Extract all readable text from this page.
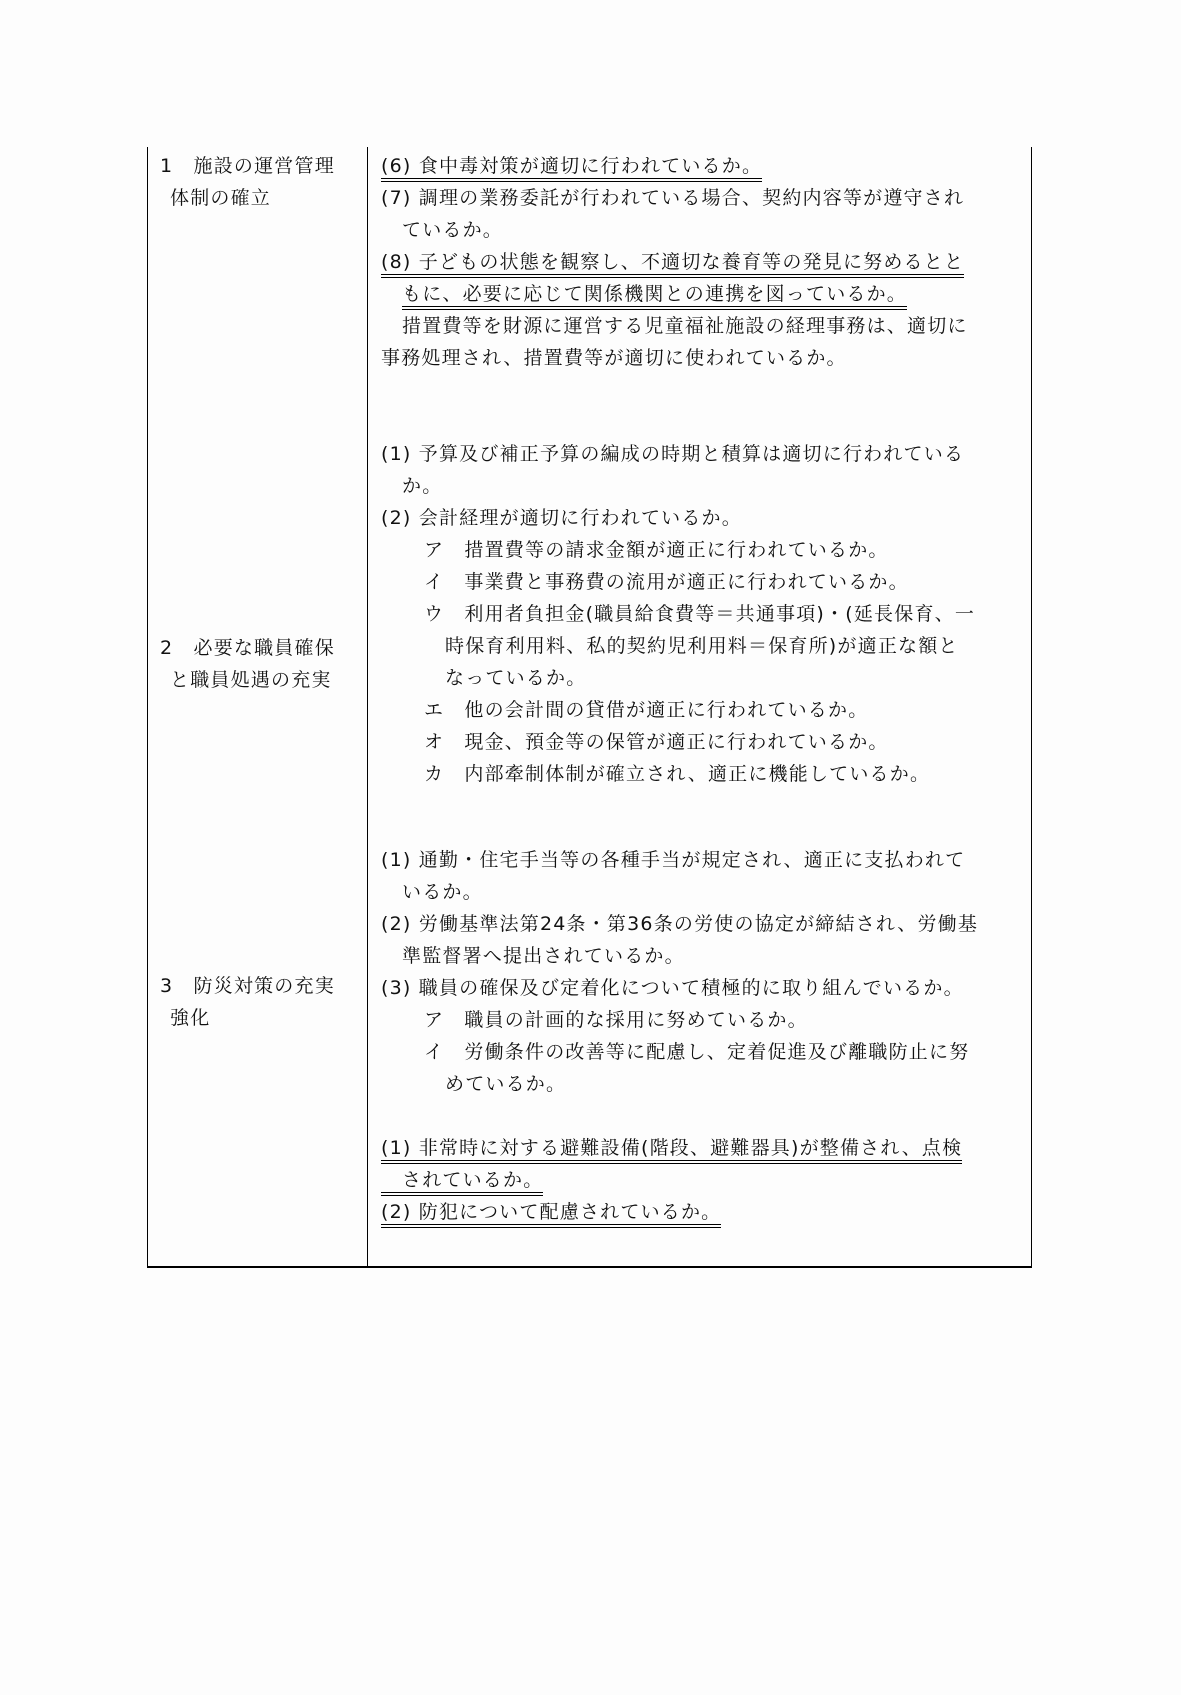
1　施設の運営管理
体制の確立
2　必要な職員確保
と職員処遇の充実
3　防災対策の充実
強化
(6) 食中毒対策が適切に行われているか。
(7) 調理の業務委託が行われている場合、契約内容等が遵守され
ているか。
(8) 子どもの状態を観察し、不適切な養育等の発見に努めるとと
もに、必要に応じて関係機関との連携を図っているか。
措置費等を財源に運営する児童福祉施設の経理事務は、適切に
事務処理され、措置費等が適切に使われているか。
(1) 予算及び補正予算の編成の時期と積算は適切に行われている
か。
(2) 会計経理が適切に行われているか。
ア　措置費等の請求金額が適正に行われているか。
イ　事業費と事務費の流用が適正に行われているか。
ウ　利用者負担金(職員給食費等＝共通事項)・(延長保育、一
時保育利用料、私的契約児利用料＝保育所)が適正な額と
なっているか。
エ　他の会計間の貸借が適正に行われているか。
オ　現金、預金等の保管が適正に行われているか。
カ　内部牽制体制が確立され、適正に機能しているか。
(1) 通勤・住宅手当等の各種手当が規定され、適正に支払われて
いるか。
(2) 労働基準法第24条・第36条の労使の協定が締結され、労働基
準監督署へ提出されているか。
(3) 職員の確保及び定着化について積極的に取り組んでいるか。
ア　職員の計画的な採用に努めているか。
イ　労働条件の改善等に配慮し、定着促進及び離職防止に努
めているか。
(1) 非常時に対する避難設備(階段、避難器具)が整備され、点検
されているか。
(2) 防犯について配慮されているか。
